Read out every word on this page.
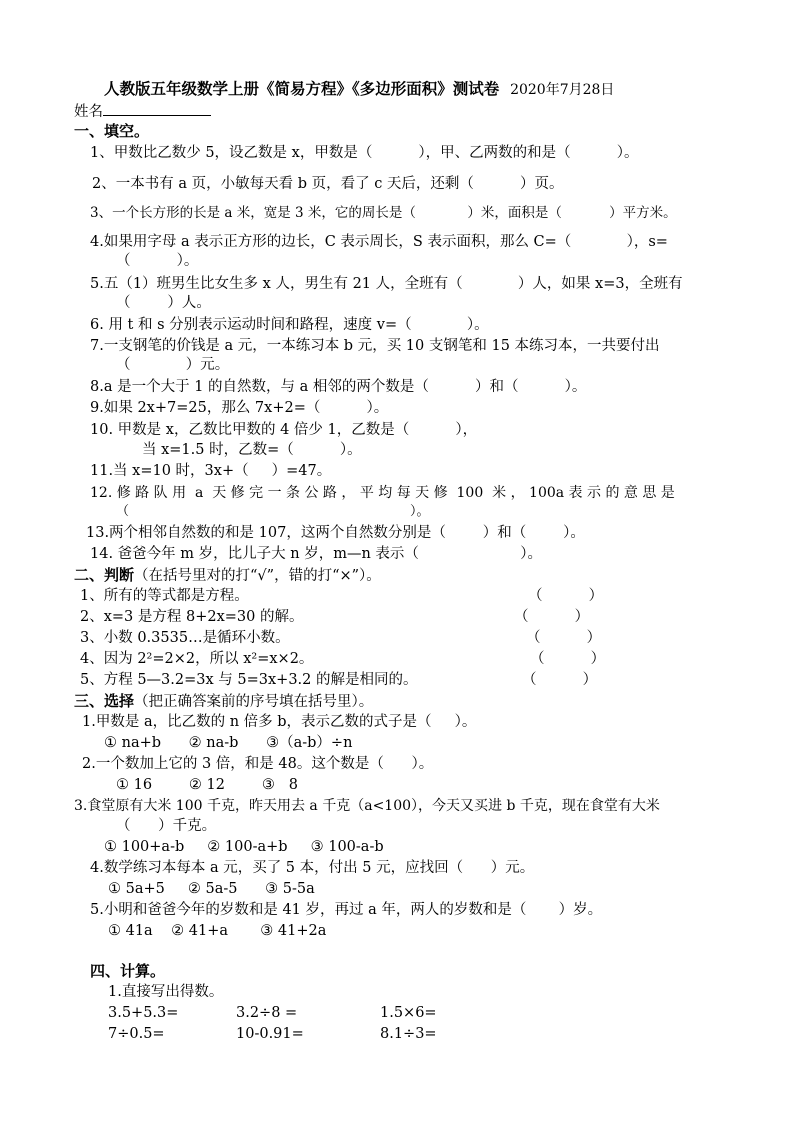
人教版五年级数学上册《简易方程》《多边形面积》测试卷 2020年7月28日
姓名
一、填空。
1、甲数比乙数少 5，设乙数是 x，甲数是（          ），甲、乙两数的和是（          ）。
2、一本书有 a 页，小敏每天看 b 页，看了 c 天后，还剩（          ）页。
3、一个长方形的长是 a 米，宽是 3 米，它的周长是（            ）米，面积是（           ）平方米。
4.如果用字母 a 表示正方形的边长，C 表示周长，S 表示面积，那么 C=（            ），s=
（          ）。
5.五（1）班男生比女生多 x 人，男生有 21 人，全班有（            ）人，如果 x=3，全班有
（        ）人。
6. 用 t 和 s 分别表示运动时间和路程，速度 v=（            ）。
7.一支钢笔的价钱是 a 元，一本练习本 b 元，买 10 支钢笔和 15 本练习本，一共要付出
（            ）元。
8.a 是一个大于 1 的自然数，与 a 相邻的两个数是（          ）和（          ）。
9.如果 2x+7=25，那么 7x+2=（          ）。
10. 甲数是 x，乙数比甲数的 4 倍少 1，乙数是（          ），
当 x=1.5 时，乙数=（          ）。
11.当 x=10 时，3x+（     ）=47。
12. 修 路 队 用  a  天 修 完 一 条 公 路 ， 平 均 每 天 修  100  米 ， 100a 表 示 的 意 思 是
（                                                                    ）。
13.两个相邻自然数的和是 107，这两个自然数分别是（        ）和（        ）。
14. 爸爸今年 m 岁，比儿子大 n 岁，m—n 表示（                      ）。
二、判断（在括号里对的打“√”，错的打“×”）。
1、所有的等式都是方程。	（          ）
2、x=3 是方程 8+2x=30 的解。	（          ）
3、小数 0.3535…是循环小数。	（          ）
4、因为 2²=2×2，所以 x²=x×2。	（          ）
5、方程 5—3.2=3x 与 5=3x+3.2 的解是相同的。	（          ）
三、选择（把正确答案前的序号填在括号里）。
1.甲数是 a，比乙数的 n 倍多 b，表示乙数的式子是（     ）。
① na+b      ② na-b      ③（a-b）÷n
2.一个数加上它的 3 倍，和是 48。这个数是（      ）。
① 16        ② 12        ③   8
3.食堂原有大米 100 千克，昨天用去 a 千克（a<100），今天又买进 b 千克，现在食堂有大米
（      ）千克。
① 100+a-b     ② 100-a+b     ③ 100-a-b
4.数学练习本每本 a 元，买了 5 本，付出 5 元，应找回（      ）元。
① 5a+5     ② 5a-5      ③ 5-5a
5.小明和爸爸今年的岁数和是 41 岁，再过 a 年，两人的岁数和是（       ）岁。
① 41a    ② 41+a       ③ 41+2a
四、计算。
1.直接写出得数。
3.5+5.3=	3.2÷8 =	1.5×6=
7÷0.5=	10-0.91=	8.1÷3=
